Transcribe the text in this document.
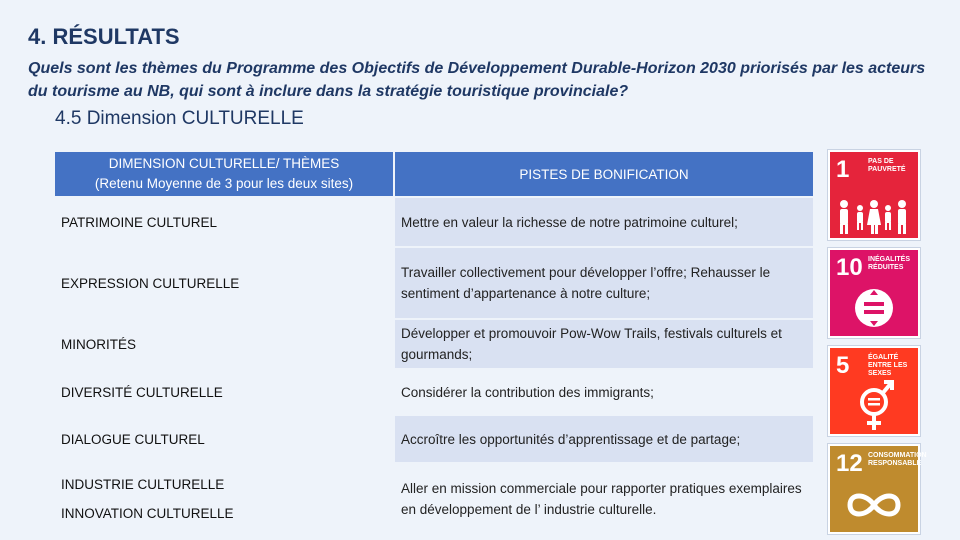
4. RÉSULTATS
Quels sont les thèmes du Programme des Objectifs de Développement Durable-Horizon 2030 priorisés par les acteurs du tourisme au NB, qui sont à inclure dans la stratégie touristique provinciale?
4.5 Dimension CULTURELLE
DIMENSION CULTURELLE/ THÈMES
(Retenu Moyenne de 3 pour les deux sites)	PISTES DE BONIFICATION
PATRIMOINE CULTUREL	Mettre en valeur la richesse de notre patrimoine culturel;
EXPRESSION CULTURELLE	Travailler collectivement pour développer l’offre; Rehausser le sentiment d’appartenance à notre culture;
MINORITÉS	Développer et promouvoir Pow-Wow Trails, festivals culturels et gourmands;
DIVERSITÉ CULTURELLE	Considérer la contribution des immigrants;
DIALOGUE CULTUREL	Accroître les opportunités d’apprentissage et de partage;

INDUSTRIE CULTURELLE
INNOVATION CULTURELLE	Aller en mission commerciale pour rapporter pratiques exemplaires en développement de l’ industrie culturelle.
1	PAS DE PAUVRETÉ
10 INÉGALITÉS RÉDUITES
5	ÉGALITÉ ENTRE LES SEXES
12 CONSOMMATION RESPONSABLE
